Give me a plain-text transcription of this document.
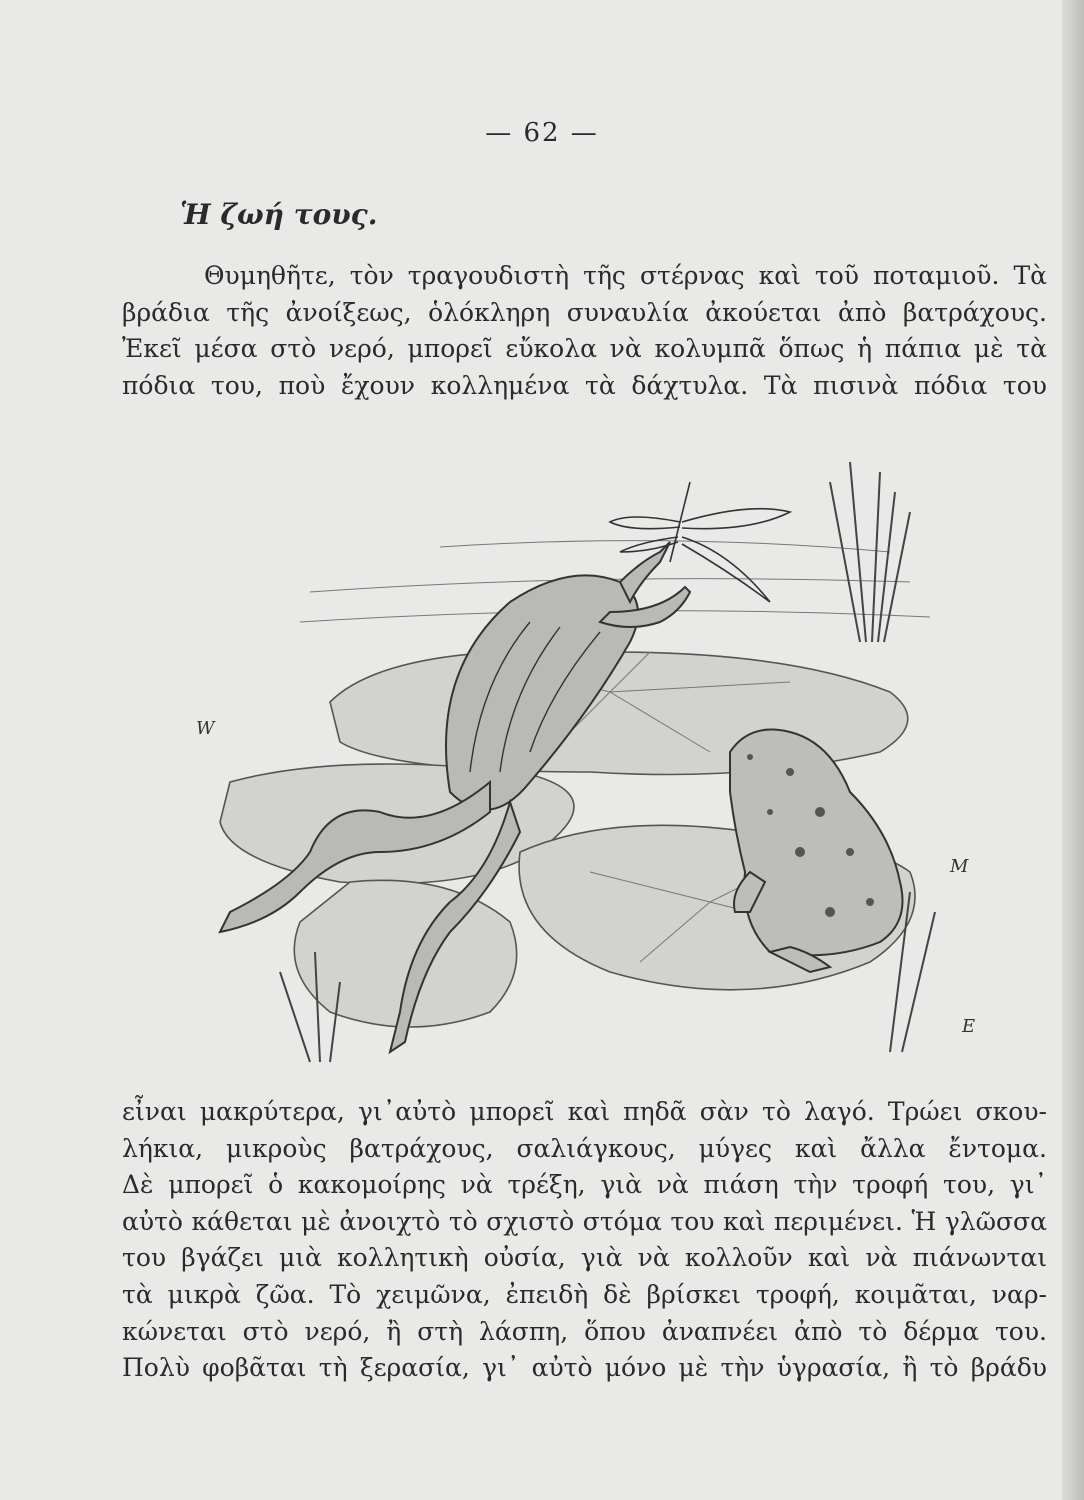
— 62 —
Ἡ ζωή τους.
Θυμηθῆτε, τὸν τραγουδιστὴ τῆς στέρνας καὶ τοῦ ποταμιοῦ. Τὰ
βράδια τῆς ἀνοίξεως, ὁλόκληρη συναυλία ἀκούεται ἀπὸ βατράχους.
Ἐκεῖ μέσα στὸ νερό, μπορεῖ εὔκολα νὰ κολυμπᾶ ὅπως ἡ πάπια μὲ τὰ
πόδια του, ποὺ ἔχουν κολλημένα τὰ δάχτυλα. Τὰ πισινὰ πόδια του
W
M
Ε
εἶναι μακρύτερα, γι᾽αὐτὸ μπορεῖ καὶ πηδᾶ σὰν τὸ λαγό. Τρώει σκου-
λήκια, μικροὺς βατράχους, σαλιάγκους, μύγες καὶ ἄλλα ἔντομα.
Δὲ μπορεῖ ὁ κακομοίρης νὰ τρέξη, γιὰ νὰ πιάση τὴν τροφή του, γι᾽
αὐτὸ κάθεται μὲ ἀνοιχτὸ τὸ σχιστὸ στόμα του καὶ περιμένει. Ἡ γλῶσσα
του βγάζει μιὰ κολλητικὴ οὐσία, γιὰ νὰ κολλοῦν καὶ νὰ πιάνωνται
τὰ μικρὰ ζῶα. Τὸ χειμῶνα, ἐπειδὴ δὲ βρίσκει τροφή, κοιμᾶται, ναρ-
κώνεται στὸ νερό, ἢ στὴ λάσπη, ὅπου ἀναπνέει ἀπὸ τὸ δέρμα του.
Πολὺ φοβᾶται τὴ ξερασία, γι᾽ αὐτὸ μόνο μὲ τὴν ὑγρασία, ἢ τὸ βράδυ
